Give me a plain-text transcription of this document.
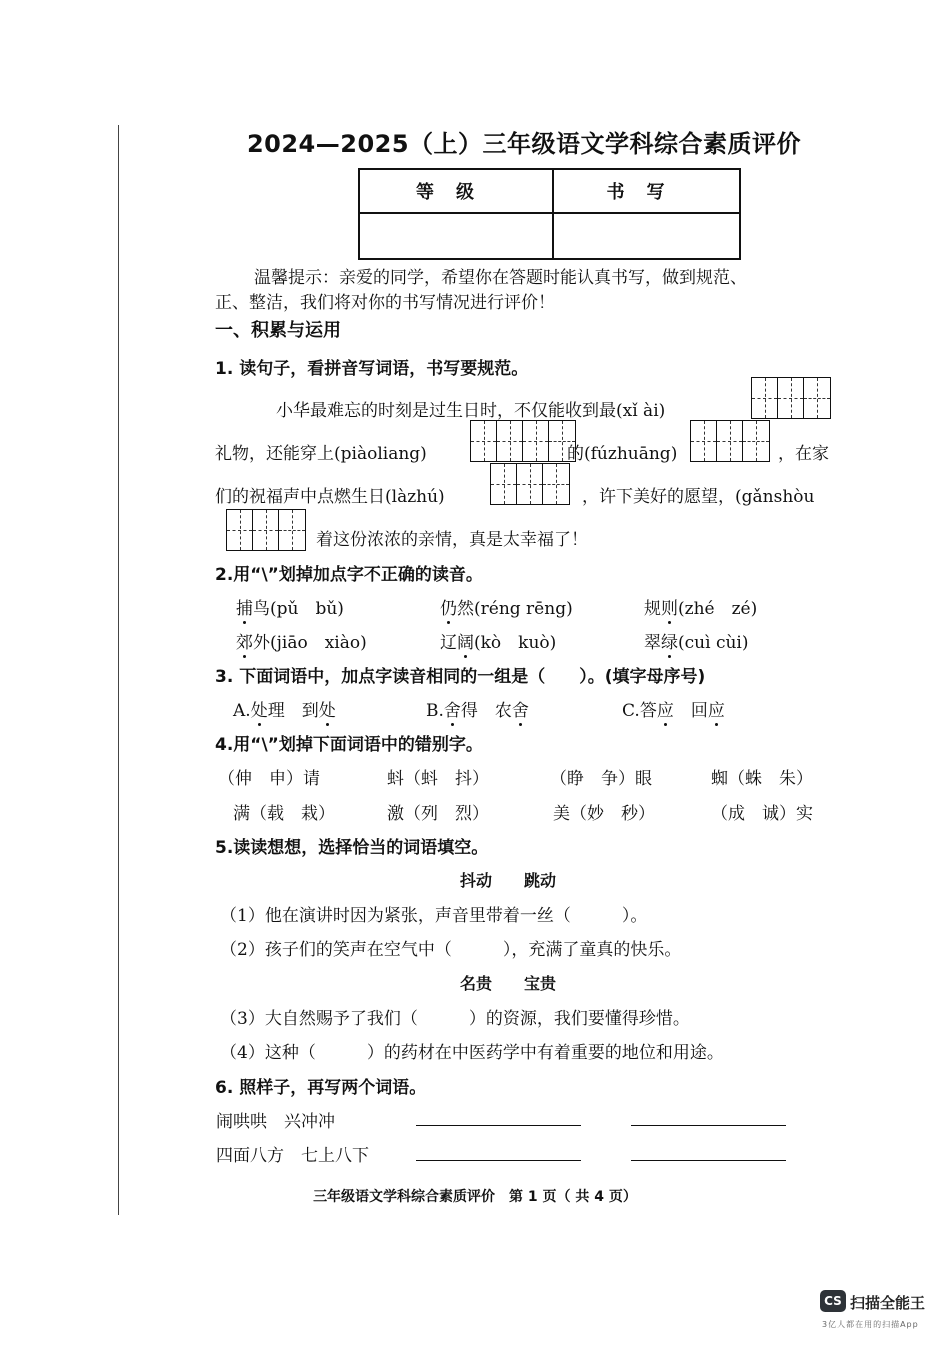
2024—2025（上）三年级语文学科综合素质评价
等级	书写
温馨提示：亲爱的同学，希望你在答题时能认真书写，做到规范、
正、整洁，我们将对你的书写情况进行评价！
一、积累与运用
1. 读句子，看拼音写词语，书写要规范。
小华最难忘的时刻是过生日时，不仅能收到最(xǐ ài)
礼物，还能穿上(piàoliang)	的(fúzhuāng)	，在家
们的祝福声中点燃生日(làzhú)	，许下美好的愿望，(gǎnshòu
着这份浓浓的亲情，真是太幸福了！
2.用“\”划掉加点字不正确的读音。
捕鸟(pǔ　bǔ)	仍然(réng rēng)	规则(zhé　zé)
郊外(jiāo　xiào)	辽阔(kò　kuò)	翠绿(cuì cùi)
3. 下面词语中，加点字读音相同的一组是（　　）。(填字母序号)
A.处理　 到处	B.舍得　 农舍	C.答应　 回应
4.用“\”划掉下面词语中的错别字。
（伸　申）请	蚪（蚪　抖）	（睁　争）眼	蜘（蛛　朱）
满（载　栽）	激（列　烈）	美（妙　秒）	（成　诚）实
5.读读想想，选择恰当的词语填空。
抖动　　跳动
（1）他在演讲时因为紧张，声音里带着一丝（　　　）。
（2）孩子们的笑声在空气中（　　　），充满了童真的快乐。
名贵　　宝贵
（3）大自然赐予了我们（　　　）的资源，我们要懂得珍惜。
（4）这种（　　　）的药材在中医药学中有着重要的地位和用途。
6. 照样子，再写两个词语。
闹哄哄　 兴冲冲
四面八方　 七上八下
三年级语文学科综合素质评价　第 1 页（ 共 4 页）
CS 扫描全能王
3亿人都在用的扫描App
